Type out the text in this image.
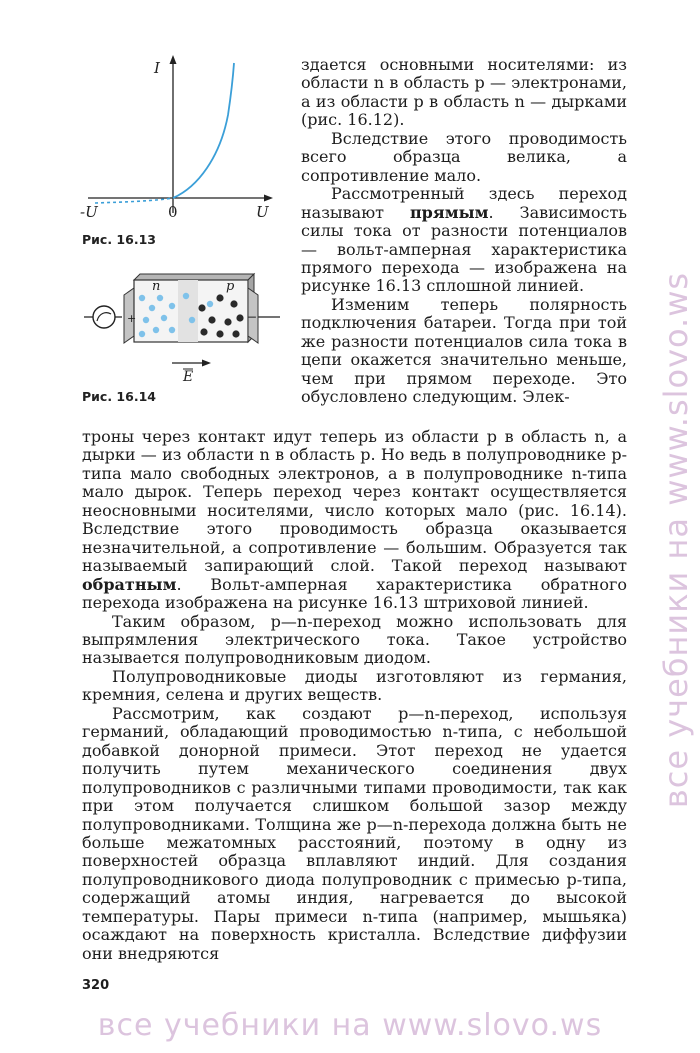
I
U
-U	0
Рис. 16.13
n	p
+	−
E
Рис. 16.14

здается основными носителями: из области n в область p — электронами, а из области p в область n — дырками (рис. 16.12).

Вследствие этого проводимость всего образца велика, а сопротивление мало.

Рассмотренный здесь переход называют прямым. Зависимость силы тока от разности потенциалов — вольт-амперная характеристика прямого перехода — изображена на рисунке 16.13 сплошной линией.

Изменим теперь полярность подключения батареи. Тогда при той же разности потенциалов сила тока в цепи окажется значительно меньше, чем при прямом переходе. Это обусловлено следующим. Элек-

троны через контакт идут теперь из области p в область n, а дырки — из области n в область p. Но ведь в полупроводнике p-типа мало свободных электронов, а в полупроводнике n-типа мало дырок. Теперь переход через контакт осуществляется неосновными носителями, число которых мало (рис. 16.14). Вследствие этого проводимость образца оказывается незначительной, а сопротивление — большим. Образуется так называемый запирающий слой. Такой переход называют обратным. Вольт-амперная характеристика обратного перехода изображена на рисунке 16.13 штриховой линией.

Таким образом, p—n-переход можно использовать для выпрямления электрического тока. Такое устройство называется полупроводниковым диодом.

Полупроводниковые диоды изготовляют из германия, кремния, селена и других веществ.

Рассмотрим, как создают p—n-переход, используя германий, обладающий проводимостью n-типа, с небольшой добавкой донорной примеси. Этот переход не удается получить путем механического соединения двух полупроводников с различными типами проводимости, так как при этом получается слишком большой зазор между полупроводниками. Толщина же p—n-перехода должна быть не больше межатомных расстояний, поэтому в одну из поверхностей образца вплавляют индий. Для создания полупроводникового диода полупроводник с примесью p-типа, содержащий атомы индия, нагревается до высокой температуры. Пары примеси n-типа (например, мышьяка) осаждают на поверхность кристалла. Вследствие диффузии они внедряются

320
все учебники на www.slovo.ws
все учебники на www.slovo.ws
